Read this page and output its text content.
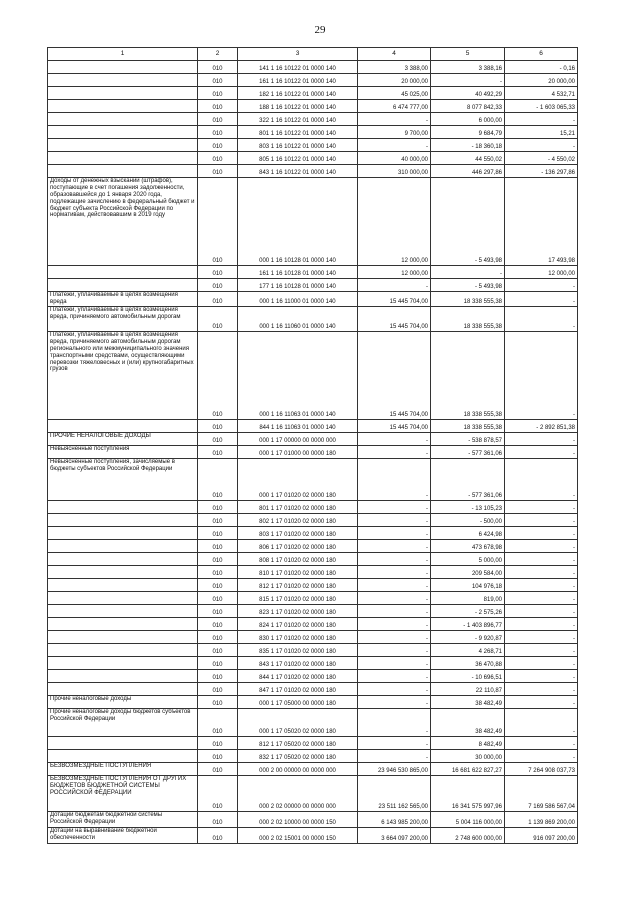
29
1	2	3	4	5	6

	010	141 1 16 10122 01 0000 140	3 388,00	3 388,16	- 0,16

	010	161 1 16 10122 01 0000 140	20 000,00	-	20 000,00

	010	182 1 16 10122 01 0000 140	45 025,00	40 492,29	4 532,71

	010	188 1 16 10122 01 0000 140	6 474 777,00	8 077 842,33	- 1 603 065,33

	010	322 1 16 10122 01 0000 140	-	6 000,00	-

	010	801 1 16 10122 01 0000 140	9 700,00	9 684,79	15,21

	010	803 1 16 10122 01 0000 140	-	- 18 360,18	-

	010	805 1 16 10122 01 0000 140	40 000,00	44 550,02	- 4 550,02

	010	843 1 16 10122 01 0000 140	310 000,00	446 297,86	- 136 297,86

Доходы от денежных взысканий (штрафов), поступающие в счет погашения задолженности, образовавшейся до 1 января 2020 года, подлежащие зачислению в федеральный бюджет и бюджет субъекта Российской Федерации по нормативам, действовавшим в 2019 году	010	000 1 16 10128 01 0000 140	12 000,00	- 5 493,98	17 493,98

	010	161 1 16 10128 01 0000 140	12 000,00	-	12 000,00

	010	177 1 16 10128 01 0000 140	-	- 5 493,98	-

Платежи, уплачиваемые в целях возмещения вреда	010	000 1 16 11000 01 0000 140	15 445 704,00	18 338 555,38	-

Платежи, уплачиваемые в целях возмещения вреда, причиняемого автомобильным дорогам	010	000 1 16 11060 01 0000 140	15 445 704,00	18 338 555,38	-

Платежи, уплачиваемые в целях возмещения вреда, причиняемого автомобильным дорогам регионального или межмуниципального значения транспортными средствами, осуществляющими перевозки тяжеловесных и (или) крупногабаритных грузов	010	000 1 16 11063 01 0000 140	15 445 704,00	18 338 555,38	-

	010	844 1 16 11063 01 0000 140	15 445 704,00	18 338 555,38	- 2 892 851,38

ПРОЧИЕ НЕНАЛОГОВЫЕ ДОХОДЫ	010	000 1 17 00000 00 0000 000	-	- 538 878,57	-

Невыясненные поступления	010	000 1 17 01000 00 0000 180	-	- 577 361,06	-

Невыясненные поступления, зачисляемые в бюджеты субъектов Российской Федерации	010	000 1 17 01020 02 0000 180	-	- 577 361,06	-

	010	801 1 17 01020 02 0000 180	-	- 13 105,23	-

	010	802 1 17 01020 02 0000 180	-	- 500,00	-

	010	803 1 17 01020 02 0000 180	-	6 424,98	-

	010	806 1 17 01020 02 0000 180	-	473 678,98	-

	010	808 1 17 01020 02 0000 180	-	5 000,00	-

	010	810 1 17 01020 02 0000 180	-	209 584,00	-

	010	812 1 17 01020 02 0000 180	-	104 976,18	-

	010	815 1 17 01020 02 0000 180	-	819,00	-

	010	823 1 17 01020 02 0000 180	-	- 2 575,26	-

	010	824 1 17 01020 02 0000 180	-	- 1 403 896,77	-

	010	830 1 17 01020 02 0000 180	-	- 9 920,87	-

	010	835 1 17 01020 02 0000 180	-	4 268,71	-

	010	843 1 17 01020 02 0000 180	-	36 470,88	-

	010	844 1 17 01020 02 0000 180	-	- 10 696,51	-

	010	847 1 17 01020 02 0000 180	-	22 110,87	-

Прочие неналоговые доходы	010	000 1 17 05000 00 0000 180	-	38 482,49	-

Прочие неналоговые доходы бюджетов субъектов Российской Федерации	010	000 1 17 05020 02 0000 180	-	38 482,49	-

	010	812 1 17 05020 02 0000 180	-	8 482,49	-

	010	832 1 17 05020 02 0000 180	-	30 000,00	-

БЕЗВОЗМЕЗДНЫЕ ПОСТУПЛЕНИЯ	010	000 2 00 00000 00 0000 000	23 946 530 865,00	16 681 622 827,27	7 264 908 037,73

БЕЗВОЗМЕЗДНЫЕ ПОСТУПЛЕНИЯ ОТ ДРУГИХ БЮДЖЕТОВ БЮДЖЕТНОЙ СИСТЕМЫ РОССИЙСКОЙ ФЕДЕРАЦИИ	010	000 2 02 00000 00 0000 000	23 511 162 565,00	16 341 575 997,96	7 169 586 567,04

Дотации бюджетам бюджетной системы Российской Федерации	010	000 2 02 10000 00 0000 150	6 143 985 200,00	5 004 116 000,00	1 139 869 200,00

Дотации на выравнивание бюджетной обеспеченности	010	000 2 02 15001 00 0000 150	3 664 097 200,00	2 748 600 000,00	916 097 200,00
